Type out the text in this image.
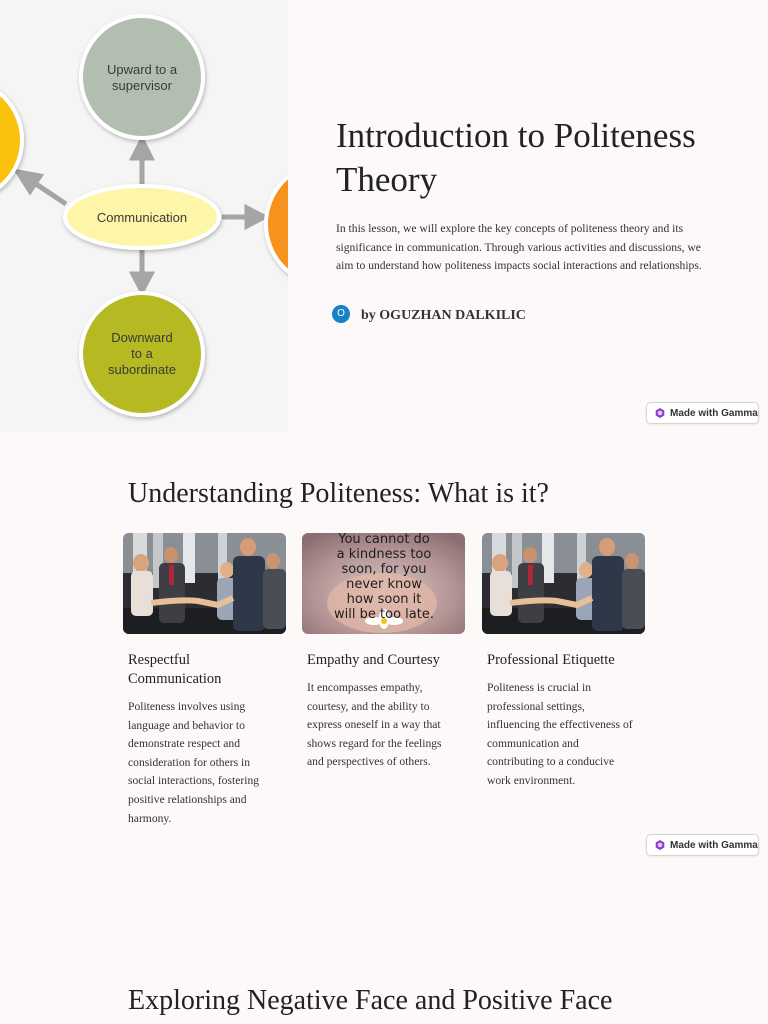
Communication
Upward to a
supervisor
Downward
to a
subordinate
Introduction to Politeness Theory

In this lesson, we will explore the key concepts of politeness theory and its significance in communication. Through various activities and discussions, we aim to understand how politeness impacts social interactions and relationships.

O	by OGUZHAN DALKILIC
Made with Gamma
Understanding Politeness: What is it?
Respectful Communication

Politeness involves using language and behavior to demonstrate respect and consideration for others in social interactions, fostering positive relationships and harmony.

You cannot do
a kindness too
soon, for you
never know
how soon it
will be too late.
Empathy and Courtesy

It encompasses empathy, courtesy, and the ability to express oneself in a way that shows regard for the feelings and perspectives of others.

Professional Etiquette

Politeness is crucial in professional settings, influencing the effectiveness of communication and contributing to a conducive work environment.

Made with Gamma
Exploring Negative Face and Positive Face
